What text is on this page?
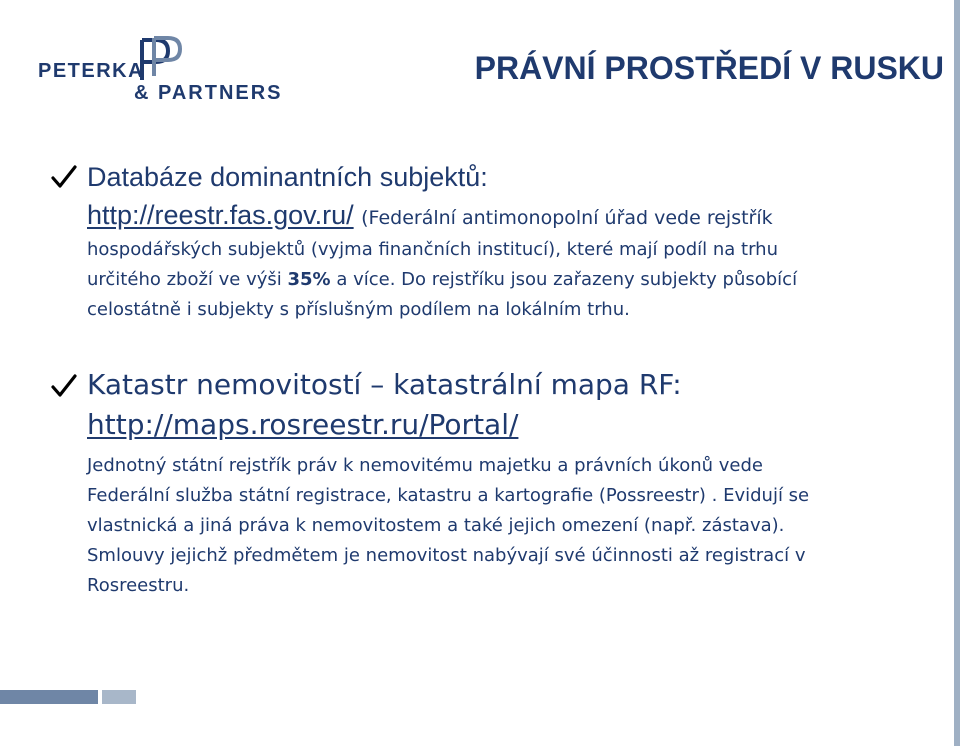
PETERKA
& PARTNERS
PRÁVNÍ PROSTŘEDÍ V RUSKU
Databáze dominantních subjektů:
http://reestr.fas.gov.ru/ (Federální antimonopolní úřad vede rejstřík
hospodářských subjektů (vyjma finančních institucí), které mají podíl na trhu
určitého zboží ve výši 35% a více. Do rejstříku jsou zařazeny subjekty působící
celostátně i subjekty s příslušným podílem na lokálním trhu.
Katastr nemovitostí – katastrální mapa RF:
http://maps.rosreestr.ru/Portal/
Jednotný státní rejstřík práv k nemovitému majetku a právních úkonů vede
Federální služba státní registrace, katastru a kartografie (Possreestr) . Evidují se
vlastnická a jiná práva k nemovitostem a také jejich omezení (např. zástava).
Smlouvy jejichž předmětem je nemovitost nabývají své účinnosti až registrací v
Rosreestru.
